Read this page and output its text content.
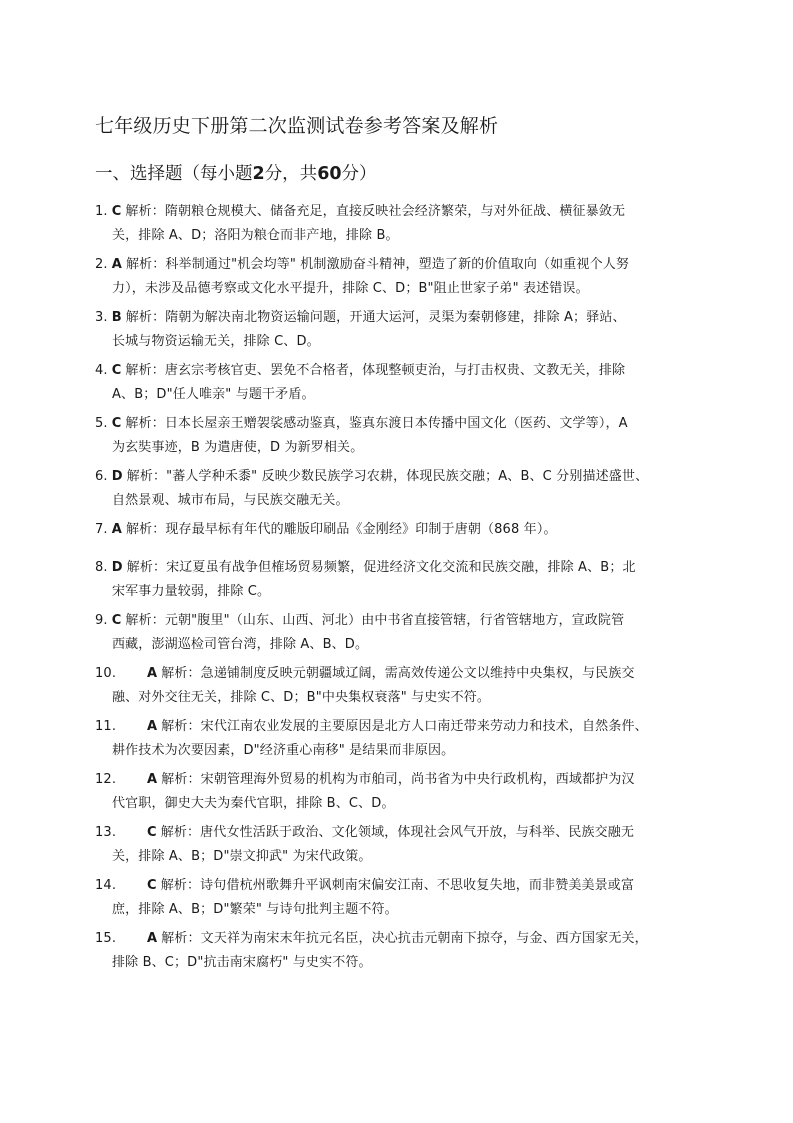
七年级历史下册第二次监测试卷参考答案及解析
一、选择题（每小题2分，共60分）
1. C 解析：隋朝粮仓规模大、储备充足，直接反映社会经济繁荣，与对外征战、横征暴敛无
关，排除 A、D；洛阳为粮仓而非产地，排除 B。
2. A 解析：科举制通过"机会均等" 机制激励奋斗精神，塑造了新的价值取向（如重视个人努
力），未涉及品德考察或文化水平提升，排除 C、D；B"阻止世家子弟" 表述错误。
3. B 解析：隋朝为解决南北物资运输问题，开通大运河，灵渠为秦朝修建，排除 A；驿站、
长城与物资运输无关，排除 C、D。
4. C 解析：唐玄宗考核官吏、罢免不合格者，体现整顿吏治，与打击权贵、文教无关，排除
A、B；D"任人唯亲" 与题干矛盾。
5. C 解析：日本长屋亲王赠袈裟感动鉴真，鉴真东渡日本传播中国文化（医药、文学等），A
为玄奘事迹，B 为遣唐使，D 为新罗相关。
6. D 解析："蕃人学种禾黍" 反映少数民族学习农耕，体现民族交融；A、B、C 分别描述盛世、
自然景观、城市布局，与民族交融无关。
7. A 解析：现存最早标有年代的雕版印刷品《金刚经》印制于唐朝（868 年）。
8. D 解析：宋辽夏虽有战争但榷场贸易频繁，促进经济文化交流和民族交融，排除 A、B；北
宋军事力量较弱，排除 C。
9. C 解析：元朝"腹里"（山东、山西、河北）由中书省直接管辖，行省管辖地方，宣政院管
西藏，澎湖巡检司管台湾，排除 A、B、D。
10. A 解析：急递铺制度反映元朝疆域辽阔，需高效传递公文以维持中央集权，与民族交
融、对外交往无关，排除 C、D；B"中央集权衰落" 与史实不符。
11. A 解析：宋代江南农业发展的主要原因是北方人口南迁带来劳动力和技术，自然条件、
耕作技术为次要因素，D"经济重心南移" 是结果而非原因。
12. A 解析：宋朝管理海外贸易的机构为市舶司，尚书省为中央行政机构，西域都护为汉
代官职，御史大夫为秦代官职，排除 B、C、D。
13. C 解析：唐代女性活跃于政治、文化领域，体现社会风气开放，与科举、民族交融无
关，排除 A、B；D"崇文抑武" 为宋代政策。
14. C 解析：诗句借杭州歌舞升平讽刺南宋偏安江南、不思收复失地，而非赞美美景或富
庶，排除 A、B；D"繁荣" 与诗句批判主题不符。
15. A 解析：文天祥为南宋末年抗元名臣，决心抗击元朝南下掠夺，与金、西方国家无关，
排除 B、C；D"抗击南宋腐朽" 与史实不符。
